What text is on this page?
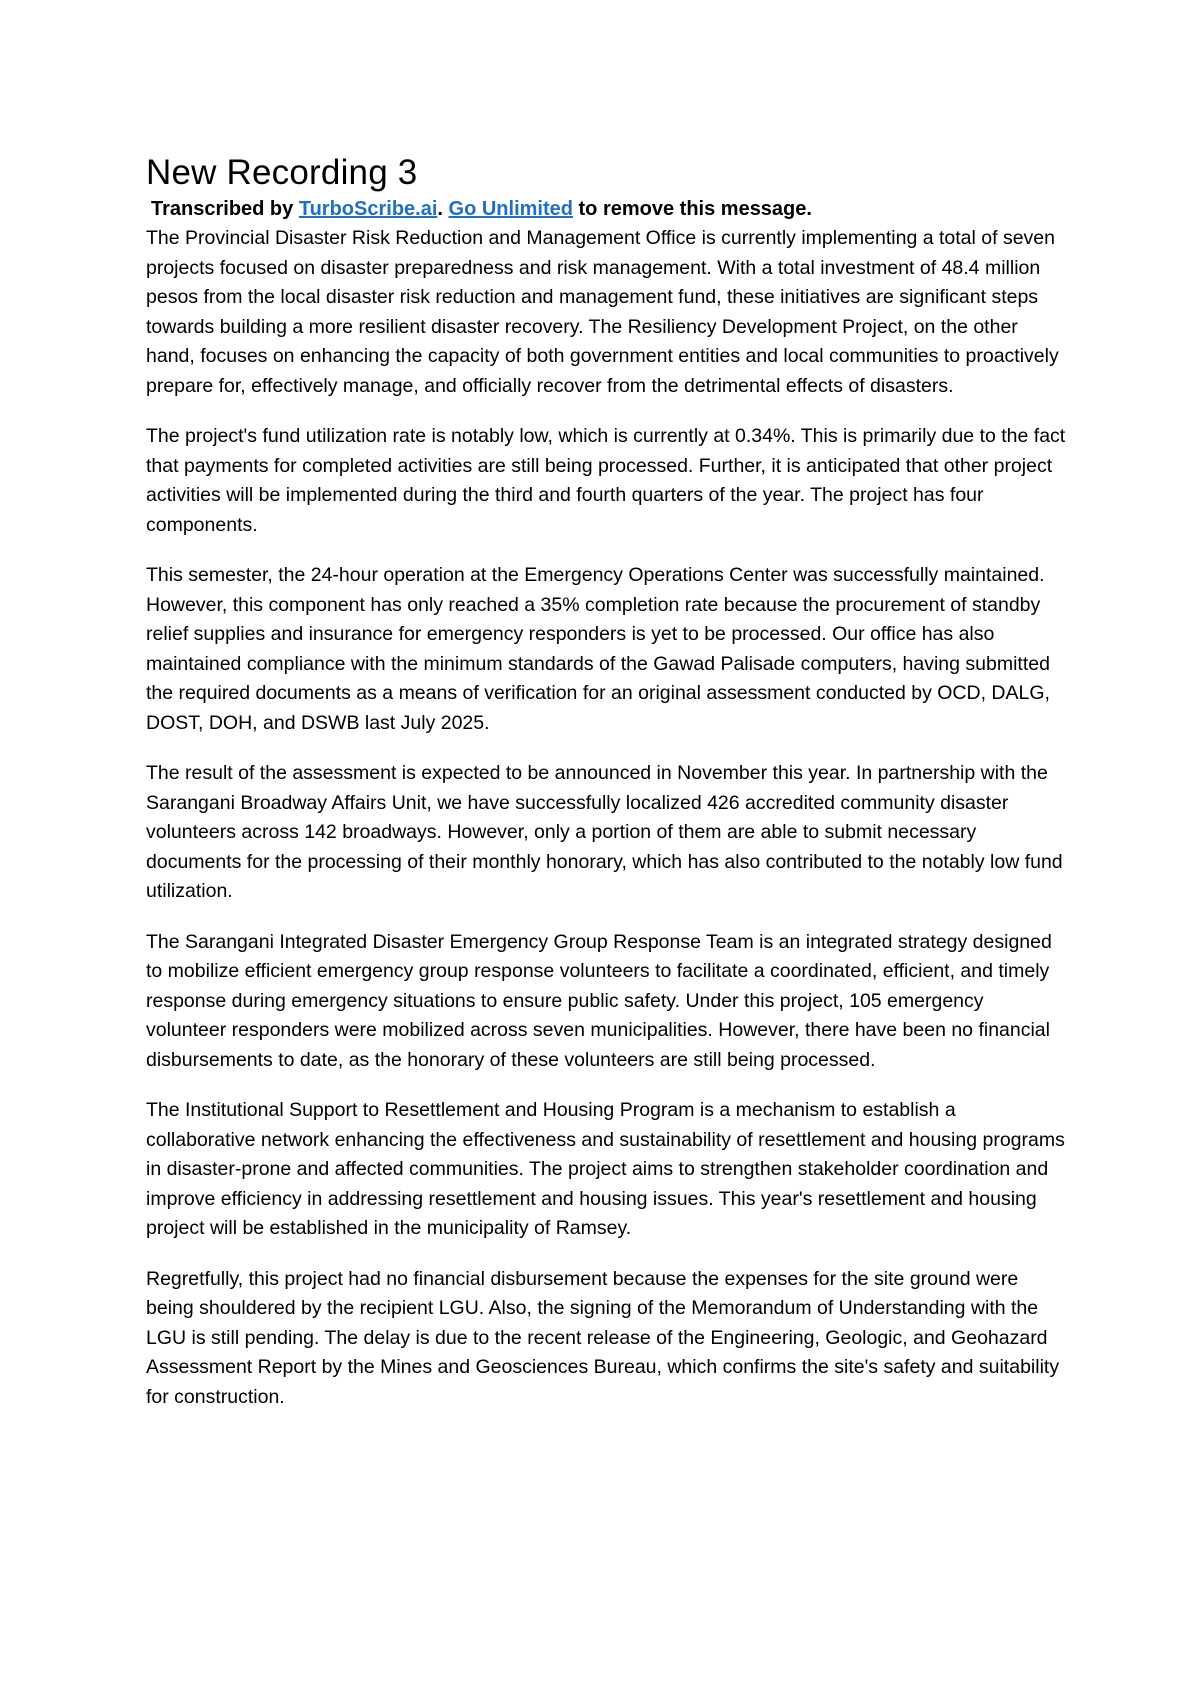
New Recording 3

Transcribed by TurboScribe.ai. Go Unlimited to remove this message.

The Provincial Disaster Risk Reduction and Management Office is currently implementing a total of seven projects focused on disaster preparedness and risk management. With a total investment of 48.4 million pesos from the local disaster risk reduction and management fund, these initiatives are significant steps towards building a more resilient disaster recovery. The Resiliency Development Project, on the other hand, focuses on enhancing the capacity of both government entities and local communities to proactively prepare for, effectively manage, and officially recover from the detrimental effects of disasters.

The project's fund utilization rate is notably low, which is currently at 0.34%. This is primarily due to the fact that payments for completed activities are still being processed. Further, it is anticipated that other project activities will be implemented during the third and fourth quarters of the year. The project has four components.

This semester, the 24-hour operation at the Emergency Operations Center was successfully maintained. However, this component has only reached a 35% completion rate because the procurement of standby relief supplies and insurance for emergency responders is yet to be processed. Our office has also maintained compliance with the minimum standards of the Gawad Palisade computers, having submitted the required documents as a means of verification for an original assessment conducted by OCD, DALG, DOST, DOH, and DSWB last July 2025.

The result of the assessment is expected to be announced in November this year. In partnership with the Sarangani Broadway Affairs Unit, we have successfully localized 426 accredited community disaster volunteers across 142 broadways. However, only a portion of them are able to submit necessary documents for the processing of their monthly honorary, which has also contributed to the notably low fund utilization.

The Sarangani Integrated Disaster Emergency Group Response Team is an integrated strategy designed to mobilize efficient emergency group response volunteers to facilitate a coordinated, efficient, and timely response during emergency situations to ensure public safety. Under this project, 105 emergency volunteer responders were mobilized across seven municipalities. However, there have been no financial disbursements to date, as the honorary of these volunteers are still being processed.

The Institutional Support to Resettlement and Housing Program is a mechanism to establish a collaborative network enhancing the effectiveness and sustainability of resettlement and housing programs in disaster-prone and affected communities. The project aims to strengthen stakeholder coordination and improve efficiency in addressing resettlement and housing issues. This year's resettlement and housing project will be established in the municipality of Ramsey.

Regretfully, this project had no financial disbursement because the expenses for the site ground were being shouldered by the recipient LGU. Also, the signing of the Memorandum of Understanding with the LGU is still pending. The delay is due to the recent release of the Engineering, Geologic, and Geohazard Assessment Report by the Mines and Geosciences Bureau, which confirms the site's safety and suitability for construction.
